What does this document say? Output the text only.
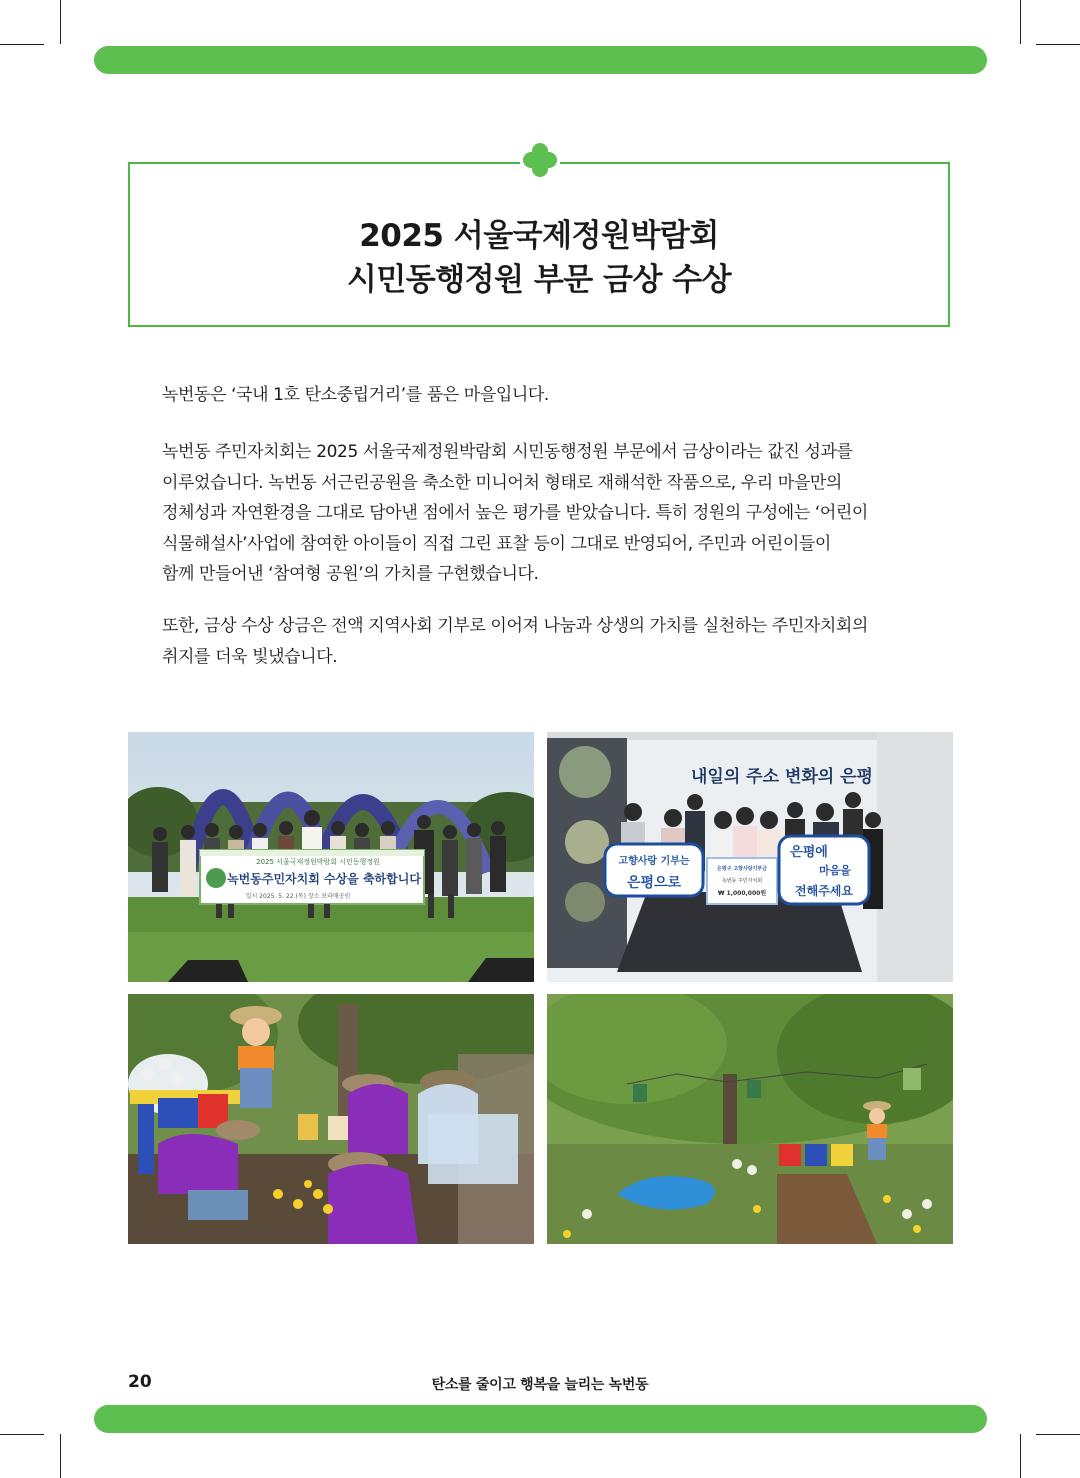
2025 서울국제정원박람회
시민동행정원 부문 금상 수상

녹번동은 ‘국내 1호 탄소중립거리’를 품은 마을입니다.

녹번동 주민자치회는 2025 서울국제정원박람회 시민동행정원 부문에서 금상이라는 값진 성과를
이루었습니다. 녹번동 서근린공원을 축소한 미니어처 형태로 재해석한 작품으로, 우리 마을만의
정체성과 자연환경을 그대로 담아낸 점에서 높은 평가를 받았습니다. 특히 정원의 구성에는 ‘어린이
식물해설사’사업에 참여한 아이들이 직접 그린 표찰 등이 그대로 반영되어, 주민과 어린이들이
함께 만들어낸 ‘참여형 공원’의 가치를 구현했습니다.
또한, 금상 수상 상금은 전액 지역사회 기부로 이어져 나눔과 상생의 가치를 실천하는 주민자치회의
취지를 더욱 빛냈습니다.
2025 서울국제정원박람회 시민동행정원
녹번동주민자치회 수상을 축하합니다
일시 2025. 5. 22.(목) 장소 보라매공원
내일의 주소 변화의 은평
고향사랑 기부는
은평으로
은평구 고향사랑기부금
녹번동 주민자치회
₩ 1,000,000원
은평에
마음을
전해주세요
20	탄소를 줄이고 행복을 늘리는 녹번동
